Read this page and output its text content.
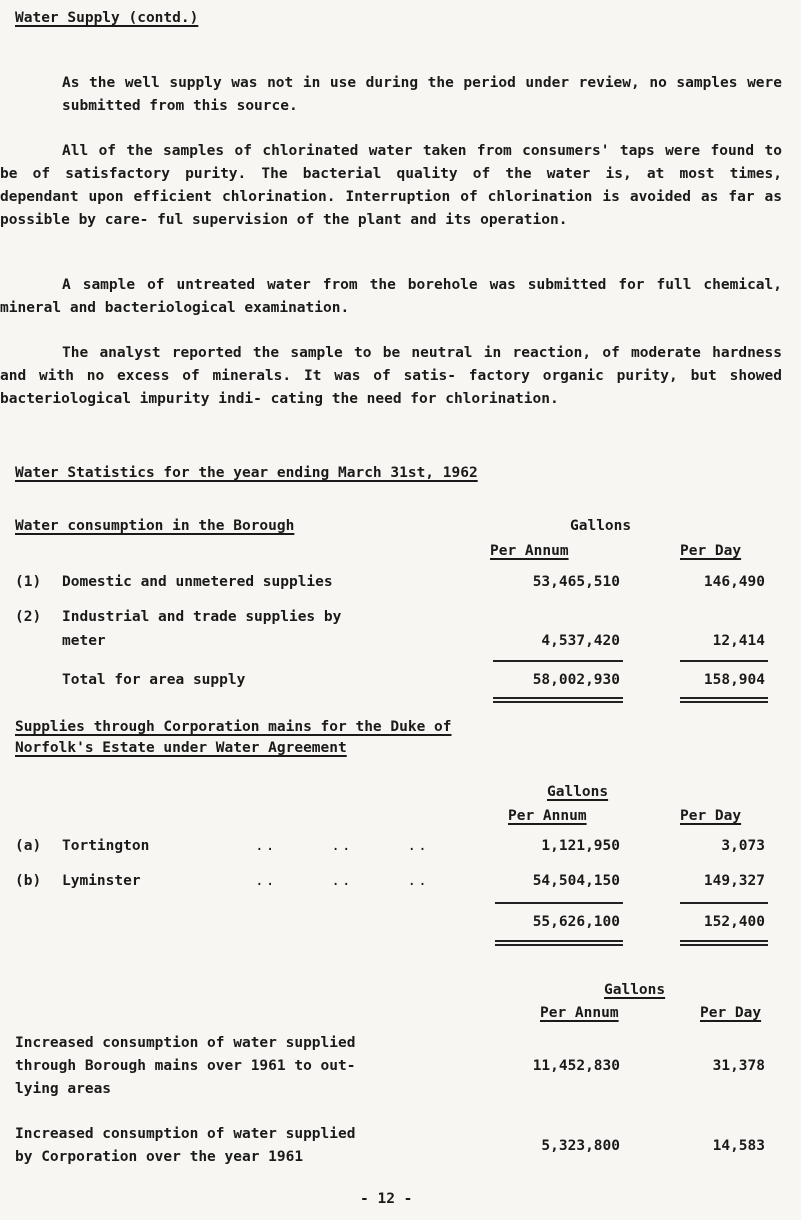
Water Supply (contd.)
As the well supply was not in use during the period under review, no samples were submitted from this source.
All of the samples of chlorinated water taken from consumers' taps were found to be of satisfactory purity. The bacterial quality of the water is, at most times, dependant upon efficient chlorination. Interruption of chlorination is avoided as far as possible by care- ful supervision of the plant and its operation.
A sample of untreated water from the borehole was submitted for full chemical, mineral and bacteriological examination.
The analyst reported the sample to be neutral in reaction, of moderate hardness and with no excess of minerals. It was of satis- factory organic purity, but showed bacteriological impurity indi- cating the need for chlorination.
Water Statistics for the year ending March 31st, 1962
Water consumption in the Borough	Gallons
Per Annum	Per Day
(1) Domestic and unmetered supplies	53,465,510	146,490
(2) Industrial and trade supplies by
meter	4,537,420	12,414
Total for area supply	58,002,930	158,904
Supplies through Corporation mains for the Duke of
Norfolk's Estate under Water Agreement
Gallons
Per Annum	Per Day
(a) Tortington	.. .. ..	1,121,950	3,073
(b) Lyminster	.. .. ..	54,504,150	149,327
55,626,100	152,400
Gallons
Per Annum	Per Day
Increased consumption of water supplied
through Borough mains over 1961 to out-
lying areas
11,452,830	31,378
Increased consumption of water supplied
by Corporation over the year 1961
5,323,800	14,583
- 12 -
